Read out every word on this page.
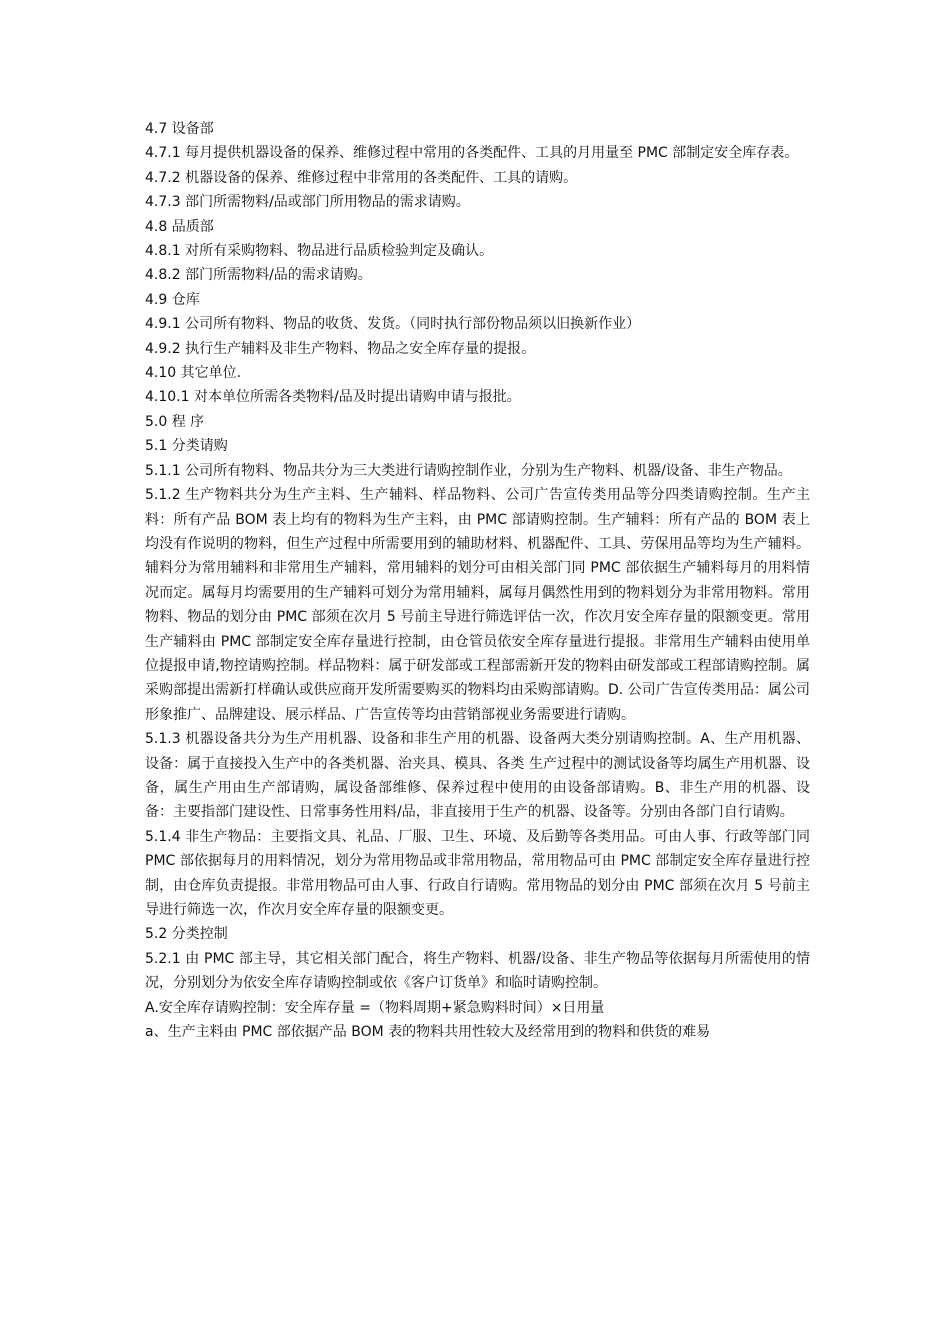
4.7 设备部

4.7.1 每月提供机器设备的保养、维修过程中常用的各类配件、工具的月用量至 PMC 部制定安全库存表。

4.7.2 机器设备的保养、维修过程中非常用的各类配件、工具的请购。

4.7.3 部门所需物料/品或部门所用物品的需求请购。

4.8 品质部

4.8.1 对所有采购物料、物品进行品质检验判定及确认。

4.8.2 部门所需物料/品的需求请购。

4.9 仓库

4.9.1 公司所有物料、物品的收货、发货。（同时执行部份物品须以旧换新作业）

4.9.2 执行生产辅料及非生产物料、物品之安全库存量的提报。

4.10 其它单位.

4.10.1 对本单位所需各类物料/品及时提出请购申请与报批。

5.0 程 序

5.1 分类请购

5.1.1 公司所有物料、物品共分为三大类进行请购控制作业，分别为生产物料、机器/设备、非生产物品。

5.1.2 生产物料共分为生产主料、生产辅料、样品物料、公司广告宣传类用品等分四类请购控制。生产主料：所有产品 BOM 表上均有的物料为生产主料，由 PMC 部请购控制。生产辅料：所有产品的 BOM 表上均没有作说明的物料，但生产过程中所需要用到的辅助材料、机器配件、工具、劳保用品等均为生产辅料。辅料分为常用辅料和非常用生产辅料，常用辅料的划分可由相关部门同 PMC 部依据生产辅料每月的用料情况而定。属每月均需要用的生产辅料可划分为常用辅料，属每月偶然性用到的物料划分为非常用物料。常用物料、物品的划分由 PMC 部须在次月 5 号前主导进行筛选评估一次，作次月安全库存量的限额变更。常用生产辅料由 PMC 部制定安全库存量进行控制，由仓管员依安全库存量进行提报。非常用生产辅料由使用单位提报申请,物控请购控制。样品物料：属于研发部或工程部需新开发的物料由研发部或工程部请购控制。属采购部提出需新打样确认或供应商开发所需要购买的物料均由采购部请购。D. 公司广告宣传类用品：属公司形象推广、品牌建设、展示样品、广告宣传等均由营销部视业务需要进行请购。

5.1.3 机器设备共分为生产用机器、设备和非生产用的机器、设备两大类分别请购控制。A、生产用机器、设备：属于直接投入生产中的各类机器、治夹具、模具、各类 生产过程中的测试设备等均属生产用机器、设备，属生产用由生产部请购，属设备部维修、保养过程中使用的由设备部请购。B、非生产用的机器、设备：主要指部门建设性、日常事务性用料/品，非直接用于生产的机器、设备等。分别由各部门自行请购。

5.1.4 非生产物品：主要指文具、礼品、厂服、卫生、环境、及后勤等各类用品。可由人事、行政等部门同 PMC 部依据每月的用料情况，划分为常用物品或非常用物品，常用物品可由 PMC 部制定安全库存量进行控制，由仓库负责提报。非常用物品可由人事、行政自行请购。常用物品的划分由 PMC 部须在次月 5 号前主导进行筛选一次，作次月安全库存量的限额变更。

5.2 分类控制

5.2.1 由 PMC 部主导，其它相关部门配合，将生产物料、机器/设备、非生产物品等依据每月所需使用的情况，分别划分为依安全库存请购控制或依《客户订货单》和临时请购控制。

A.安全库存请购控制：安全库存量 =（物料周期+紧急购料时间）×日用量

a、生产主料由 PMC 部依据产品 BOM 表的物料共用性较大及经常用到的物料和供货的难易
